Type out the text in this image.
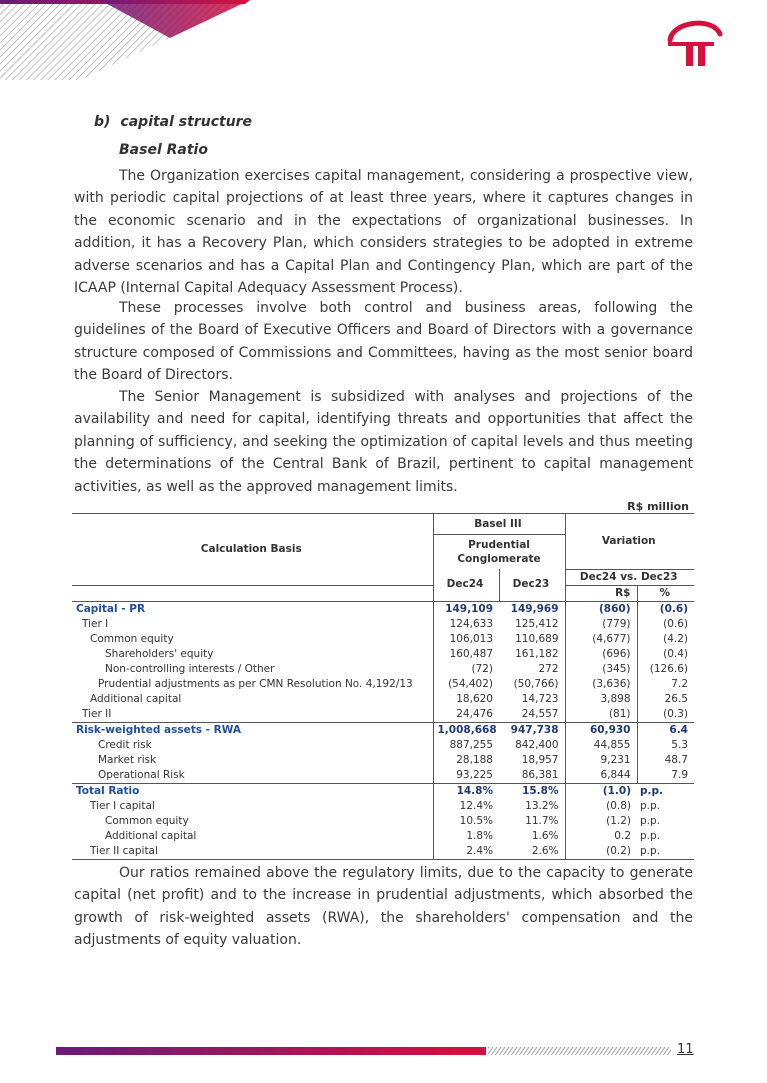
b) capital structure
Basel Ratio

The Organization exercises capital management, considering a prospective view, with periodic capital projections of at least three years, where it captures changes in the economic scenario and in the expectations of organizational businesses. In addition, it has a Recovery Plan, which considers strategies to be adopted in extreme adverse scenarios and has a Capital Plan and Contingency Plan, which are part of the ICAAP (Internal Capital Adequacy Assessment Process).

These processes involve both control and business areas, following the guidelines of the Board of Executive Officers and Board of Directors with a governance structure composed of Commissions and Committees, having as the most senior board the Board of Directors.

The Senior Management is subsidized with analyses and projections of the availability and need for capital, identifying threats and opportunities that affect the planning of sufficiency, and seeking the optimization of capital levels and thus meeting the determinations of the Central Bank of Brazil, pertinent to capital management activities, as well as the approved management limits.

R$ million
Calculation Basis	Basel III		Variation	
	Prudential Conglomerate			
	Dec24	Dec23	Dec24 vs. Dec23	
			R$	%
Capital - PR	149,109	149,969	(860)	(0.6)
Tier I	124,633	125,412	(779)	(0.6)
Common equity	106,013	110,689	(4,677)	(4.2)
Shareholders' equity	160,487	161,182	(696)	(0.4)
Non-controlling interests / Other	(72)	272	(345)	(126.6)
Prudential adjustments as per CMN Resolution No. 4,192/13	(54,402)	(50,766)	(3,636)	7.2
Additional capital	18,620	14,723	3,898	26.5
Tier II	24,476	24,557	(81)	(0.3)
Risk-weighted assets - RWA	1,008,668	947,738	60,930	6.4
Credit risk	887,255	842,400	44,855	5.3
Market risk	28,188	18,957	9,231	48.7
Operational Risk	93,225	86,381	6,844	7.9
Total Ratio	14.8%	15.8%	(1.0)	p.p.
Tier I capital	12.4%	13.2%	(0.8)	p.p.
Common equity	10.5%	11.7%	(1.2)	p.p.
Additional capital	1.8%	1.6%	0.2	p.p.
Tier II capital	2.4%	2.6%	(0.2)	p.p.

Our ratios remained above the regulatory limits, due to the capacity to generate capital (net profit) and to the increase in prudential adjustments, which absorbed the growth of risk-weighted assets (RWA), the shareholders' compensation and the adjustments of equity valuation.

11
